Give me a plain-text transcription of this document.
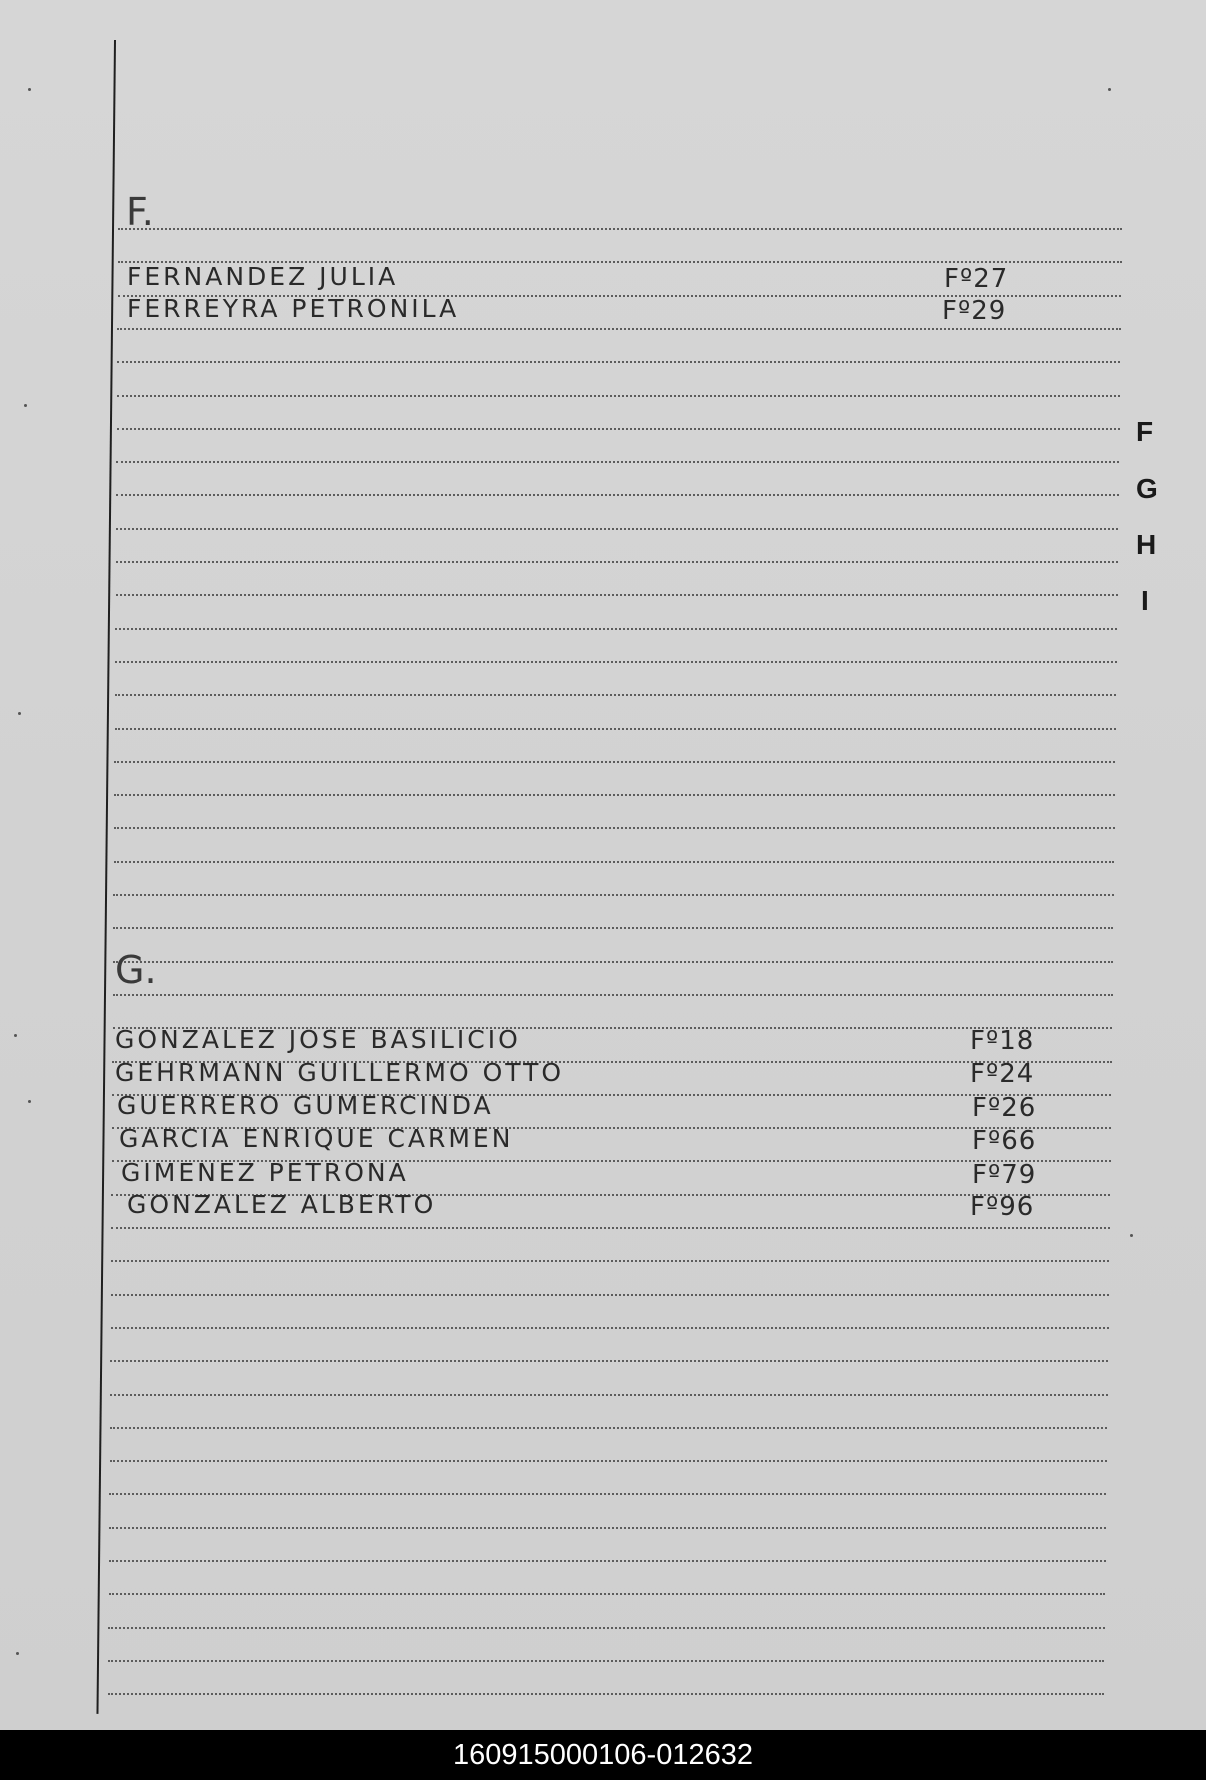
F.
FERNANDEZ JULIA	Fº27
FERREYRA PETRONILA	Fº29
G.
GONZALEZ JOSE BASILICIO	Fº18
GEHRMANN GUILLERMO OTTO	Fº24
GUERRERO GUMERCINDA	Fº26
GARCIA ENRIQUE CARMEN	Fº66
GIMENEZ PETRONA	Fº79
GONZALEZ ALBERTO	Fº96
F
G
H
I
160915000106-012632
